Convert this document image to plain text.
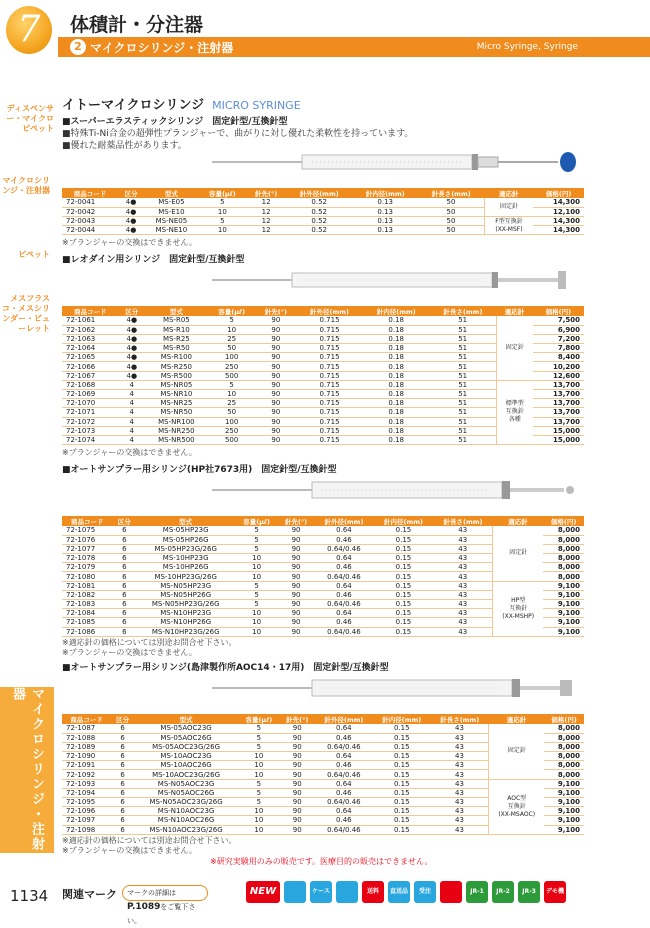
7	体積計・分注器
2 マイクロシリンジ・注射器	Micro Syringe, Syringe
ディスペンサー・マイクロピペット
マイクロシリンジ・注射器
ピペット
メスフラスコ・メスシリンダー・ビューレット
マイクロシリンジ・注射器
イトーマイクロシリンジ MICRO SYRINGE
■スーパーエラスティックシリンジ　固定針型/互換針型
■特殊Ti-Ni合金の超弾性プランジャーで、曲がりに対し優れた柔軟性を持っています。
■優れた耐薬品性があります。
商品コード	区分	型式	容量(μℓ)	針先(°)	針外径(mm)	針内径(mm)	針長さ(mm)	適応針	価格(円)
72-0041	4●	MS-E05	5	12	0.52	0.13	50	固定針	14,300
72-0042	4●	MS-E10	10	12	0.52	0.13	50		12,100
72-0043	4●	MS-NE05	5	12	0.52	0.13	50	F型互換針
(XX-MSF)	14,300
72-0044	4●	MS-NE10	10	12	0.52	0.13	50		14,300
※プランジャーの交換はできません。
■レオダイン用シリンジ　固定針型/互換針型
商品コード	区分	型式	容量(μℓ)	針先(°)	針外径(mm)	針内径(mm)	針長さ(mm)	適応針	価格(円)
72-1061	4●	MS-R05	5	90	0.715	0.18	51	固定針	7,500
72-1062	4●	MS-R10	10	90	0.715	0.18	51		6,900
72-1063	4●	MS-R25	25	90	0.715	0.18	51		7,200
72-1064	4●	MS-R50	50	90	0.715	0.18	51		7,800
72-1065	4●	MS-R100	100	90	0.715	0.18	51		8,400
72-1066	4●	MS-R250	250	90	0.715	0.18	51		10,200
72-1067	4●	MS-R500	500	90	0.715	0.18	51		12,600
72-1068	4	MS-NR05	5	90	0.715	0.18	51	標準型
互換針
各種	13,700
72-1069	4	MS-NR10	10	90	0.715	0.18	51		13,700
72-1070	4	MS-NR25	25	90	0.715	0.18	51		13,700
72-1071	4	MS-NR50	50	90	0.715	0.18	51		13,700
72-1072	4	MS-NR100	100	90	0.715	0.18	51		13,700
72-1073	4	MS-NR250	250	90	0.715	0.18	51		15,000
72-1074	4	MS-NR500	500	90	0.715	0.18	51		15,000
※プランジャーの交換はできません。
■オートサンプラー用シリンジ(HP社7673用)　固定針型/互換針型
商品コード	区分	型式	容量(μℓ)	針先(°)	針外径(mm)	針内径(mm)	針長さ(mm)	適応針	価格(円)
72-1075	6	MS-05HP23G	5	90	0.64	0.15	43	固定針	8,000
72-1076	6	MS-05HP26G	5	90	0.46	0.15	43		8,000
72-1077	6	MS-05HP23G/26G	5	90	0.64/0.46	0.15	43		8,000
72-1078	6	MS-10HP23G	10	90	0.64	0.15	43		8,000
72-1079	6	MS-10HP26G	10	90	0.46	0.15	43		8,000
72-1080	6	MS-10HP23G/26G	10	90	0.64/0.46	0.15	43		8,000
72-1081	6	MS-N05HP23G	5	90	0.64	0.15	43	HP型
互換針
(XX-MSHP)	9,100
72-1082	6	MS-N05HP26G	5	90	0.46	0.15	43		9,100
72-1083	6	MS-N05HP23G/26G	5	90	0.64/0.46	0.15	43		9,100
72-1084	6	MS-N10HP23G	10	90	0.64	0.15	43		9,100
72-1085	6	MS-N10HP26G	10	90	0.46	0.15	43		9,100
72-1086	6	MS-N10HP23G/26G	10	90	0.64/0.46	0.15	43		9,100
※適応針の価格については別途お問合せ下さい。
※プランジャーの交換はできません。
■オートサンプラー用シリンジ(島津製作所AOC14・17用)　固定針型/互換針型
商品コード	区分	型式	容量(μℓ)	針先(°)	針外径(mm)	針内径(mm)	針長さ(mm)	適応針	価格(円)
72-1087	6	MS-05AOC23G	5	90	0.64	0.15	43	固定針	8,000
72-1088	6	MS-05AOC26G	5	90	0.46	0.15	43		8,000
72-1089	6	MS-05AOC23G/26G	5	90	0.64/0.46	0.15	43		8,000
72-1090	6	MS-10AOC23G	10	90	0.64	0.15	43		8,000
72-1091	6	MS-10AOC26G	10	90	0.46	0.15	43		8,000
72-1092	6	MS-10AOC23G/26G	10	90	0.64/0.46	0.15	43		8,000
72-1093	6	MS-N05AOC23G	5	90	0.64	0.15	43	AOC型
互換針
(XX-MSAOC)	9,100
72-1094	6	MS-N05AOC26G	5	90	0.46	0.15	43		9,100
72-1095	6	MS-N05AOC23G/26G	5	90	0.64/0.46	0.15	43		9,100
72-1096	6	MS-N10AOC23G	10	90	0.64	0.15	43		9,100
72-1097	6	MS-N10AOC26G	10	90	0.46	0.15	43		9,100
72-1098	6	MS-N10AOC23G/26G	10	90	0.64/0.46	0.15	43		9,100
※適応針の価格については別途お問合せ下さい。
※プランジャーの交換はできません。
※研究実験用のみの販売です。医療目的の販売はできません。
1134 関連マーク	マークの詳細は P.1089をご覧下さい。
NEW	ケース売
送料	直送品	受注	JR-1	JR-2	JR-3	デモ機
